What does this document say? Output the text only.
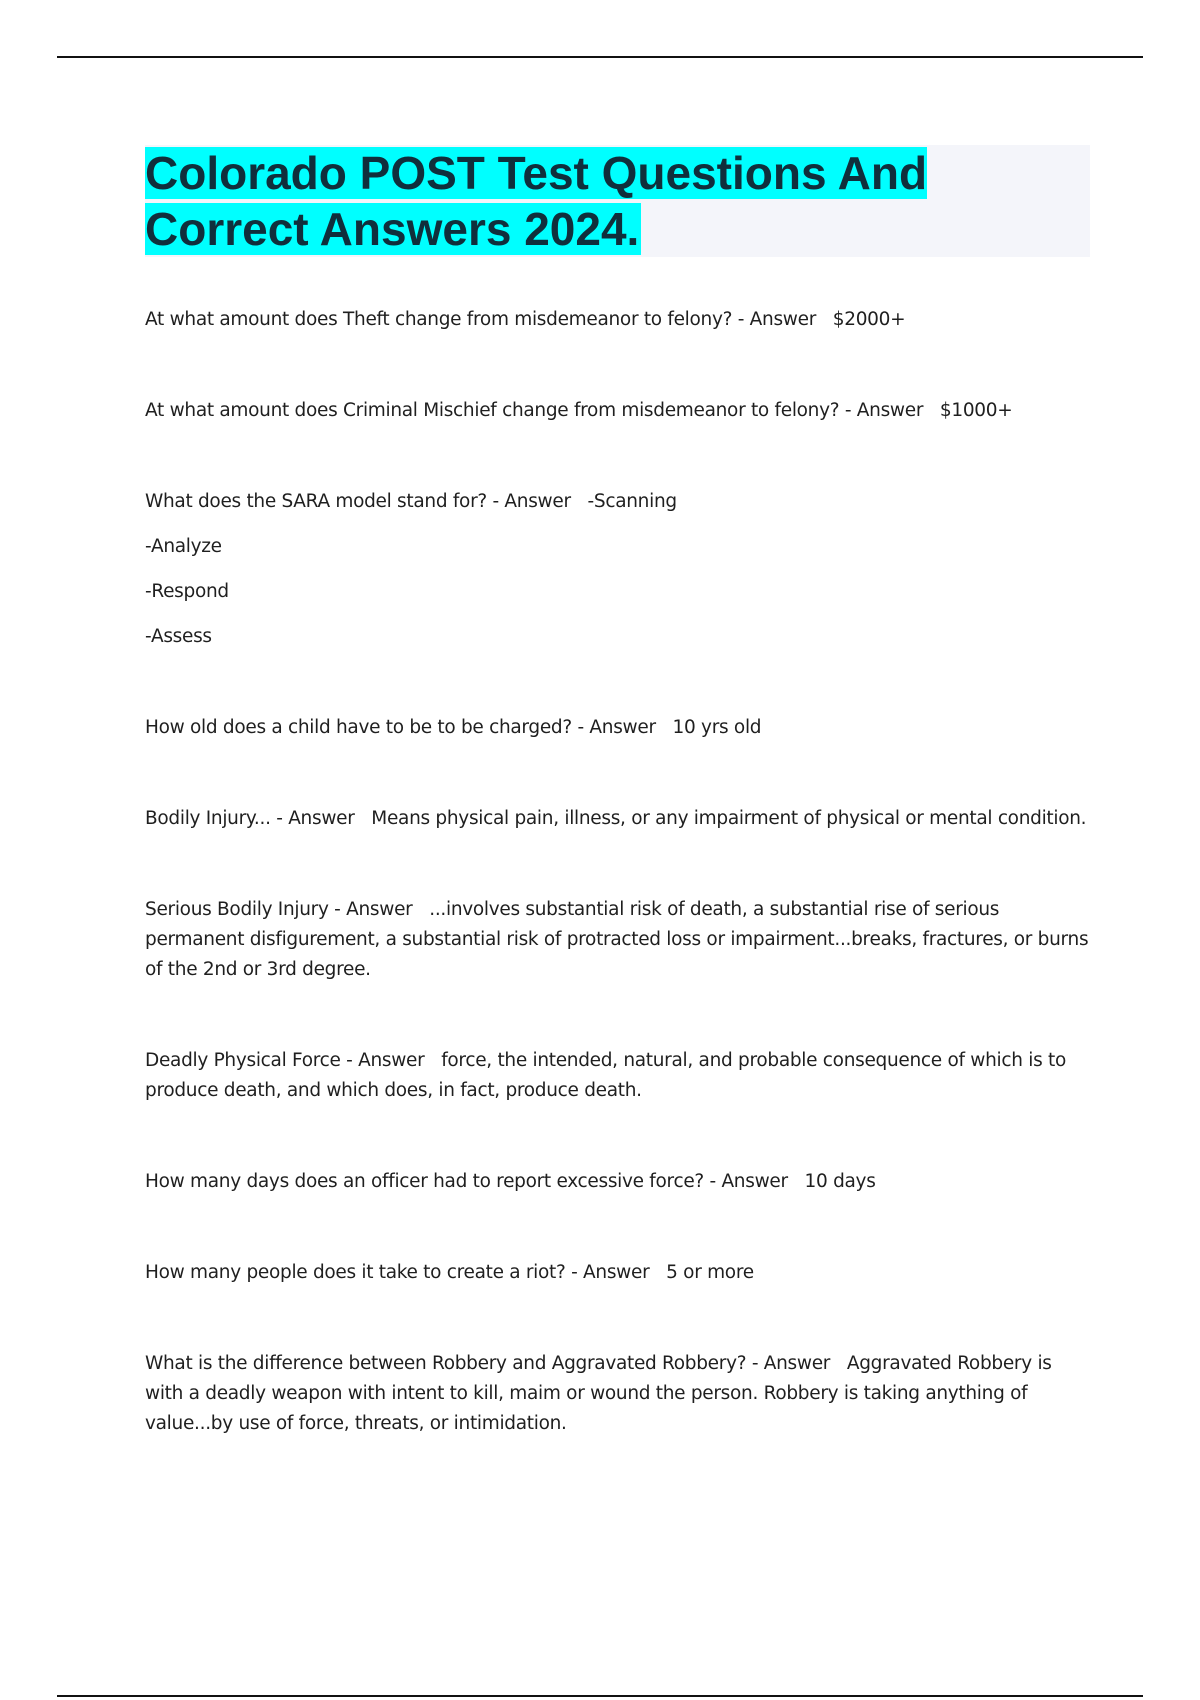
Colorado POST Test Questions And Correct Answers 2024.

At what amount does Theft change from misdemeanor to felony? - Answer $2000+

At what amount does Criminal Mischief change from misdemeanor to felony? - Answer $1000+

What does the SARA model stand for? - Answer -Scanning

-Analyze
-Respond
-Assess

How old does a child have to be to be charged? - Answer 10 yrs old

Bodily Injury... - Answer Means physical pain, illness, or any impairment of physical or mental condition.

Serious Bodily Injury - Answer ...involves substantial risk of death, a substantial rise of serious permanent disfigurement, a substantial risk of protracted loss or impairment...breaks, fractures, or burns of the 2nd or 3rd degree.

Deadly Physical Force - Answer force, the intended, natural, and probable consequence of which is to produce death, and which does, in fact, produce death.

How many days does an officer had to report excessive force? - Answer 10 days

How many people does it take to create a riot? - Answer 5 or more

What is the difference between Robbery and Aggravated Robbery? - Answer Aggravated Robbery is with a deadly weapon with intent to kill, maim or wound the person. Robbery is taking anything of value...by use of force, threats, or intimidation.
